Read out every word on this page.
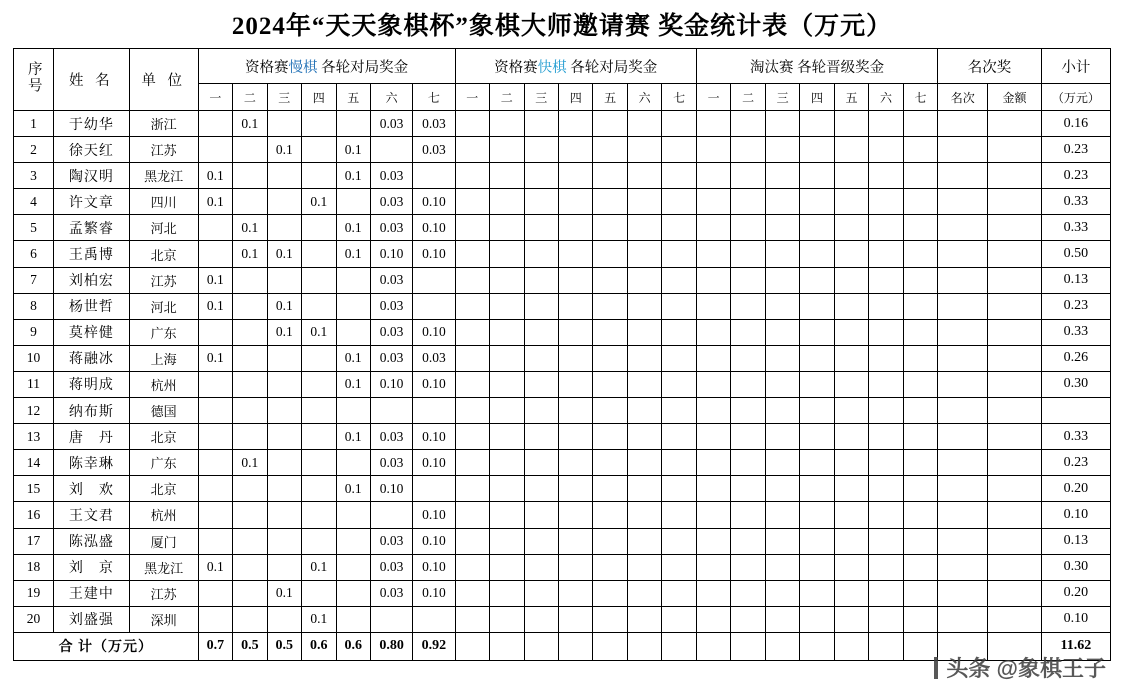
2024年“天天象棋杯”象棋大师邀请赛 奖金统计表（万元）
序号	姓 名	单 位	资格赛慢棋 各轮对局奖金							资格赛快棋 各轮对局奖金							淘汰赛 各轮晋级奖金							名次奖		小计
			一	二	三	四	五	六	七	一	二	三	四	五	六	七	一	二	三	四	五	六	七	名次	金额	（万元）
1	于幼华	浙江		0.1				0.03	0.03																	0.16
2	徐天红	江苏			0.1		0.1		0.03																	0.23
3	陶汉明	黑龙江	0.1				0.1	0.03																		0.23
4	许文章	四川	0.1			0.1		0.03	0.10																	0.33
5	孟繁睿	河北		0.1			0.1	0.03	0.10																	0.33
6	王禹博	北京		0.1	0.1		0.1	0.10	0.10																	0.50
7	刘柏宏	江苏	0.1					0.03																		0.13
8	杨世哲	河北	0.1		0.1			0.03																		0.23
9	莫梓健	广东			0.1	0.1		0.03	0.10																	0.33
10	蒋融冰	上海	0.1				0.1	0.03	0.03																	0.26
11	蒋明成	杭州					0.1	0.10	0.10																	0.30
12	纳布斯	德国																								
13	唐　丹	北京					0.1	0.03	0.10																	0.33
14	陈幸琳	广东		0.1				0.03	0.10																	0.23
15	刘　欢	北京					0.1	0.10																		0.20
16	王文君	杭州							0.10																	0.10
17	陈泓盛	厦门						0.03	0.10																	0.13
18	刘　京	黑龙江	0.1			0.1		0.03	0.10																	0.30
19	王建中	江苏			0.1			0.03	0.10																	0.20
20	刘盛强	深圳				0.1																				0.10
合 计（万元）			0.7	0.5	0.5	0.6	0.6	0.80	0.92																	11.62
头条 @象棋王子
